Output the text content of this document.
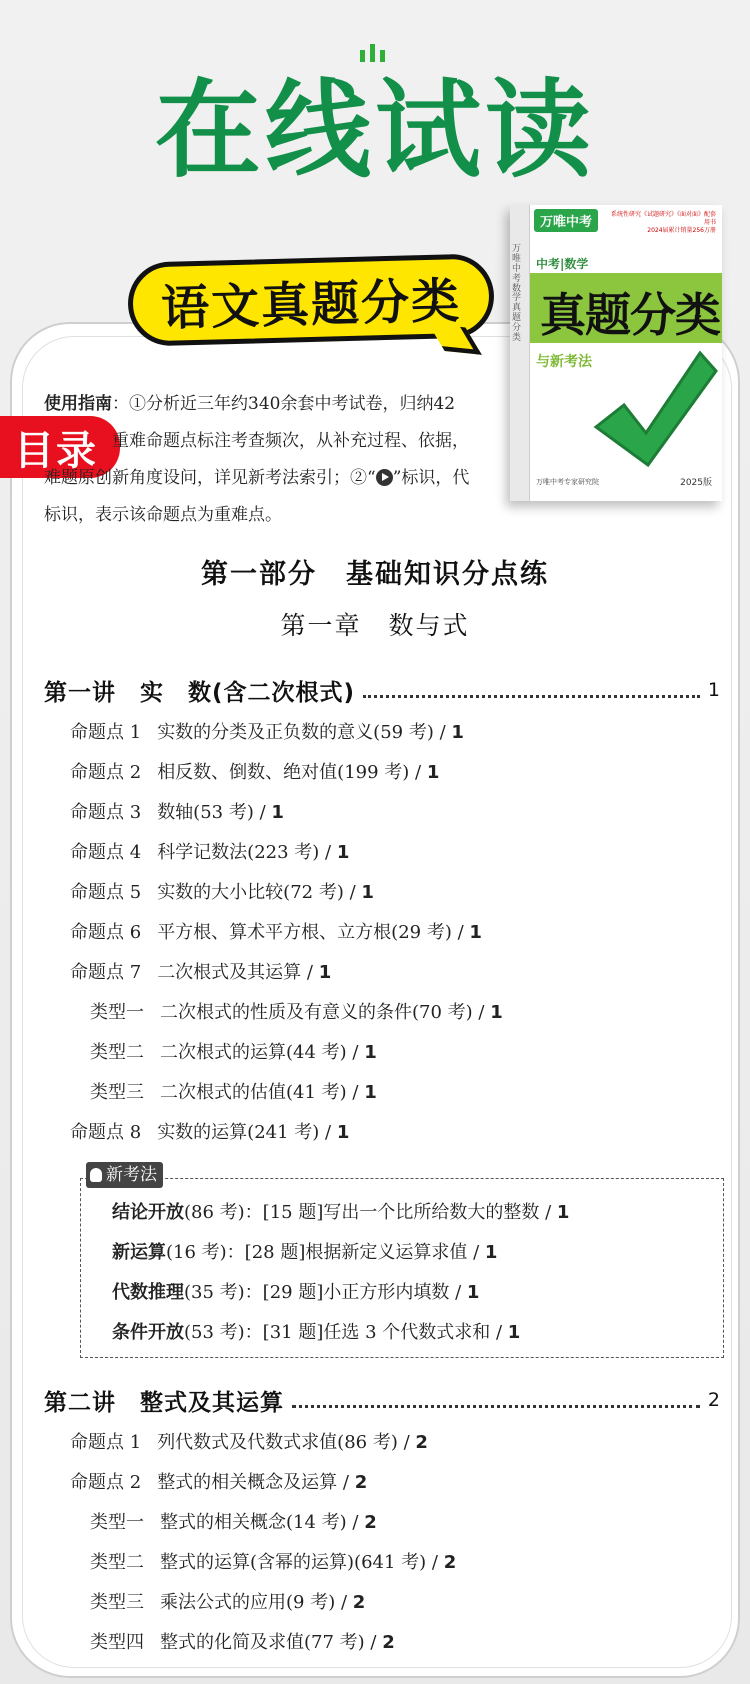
在线试读
语文真题分类
万唯中考 数学 真题分类
万唯中考
系统性研究《试题研究》《面对面》配套用书
2024届累计销量256万册
中考|数学
真题分类
与新考法
万唯中考专家研究院	2025版
目录
使用指南：①分析近三年约340余套中考试卷，归纳42
重难命题点标注考查频次，从补充过程、依据，
难题原创新角度设问，详见新考法索引；②“ ”标识，代
标识，表示该命题点为重难点。
第一部分　基础知识分点练
第一章　数与式
第一讲　实　数(含二次根式)	1
命题点 1 实数的分类及正负数的意义(59 考) / 1
命题点 2 相反数、倒数、绝对值(199 考) / 1
命题点 3 数轴(53 考) / 1
命题点 4 科学记数法(223 考) / 1
命题点 5 实数的大小比较(72 考) / 1
命题点 6 平方根、算术平方根、立方根(29 考) / 1
命题点 7 二次根式及其运算 / 1
类型一 二次根式的性质及有意义的条件(70 考) / 1
类型二 二次根式的运算(44 考) / 1
类型三 二次根式的估值(41 考) / 1
命题点 8 实数的运算(241 考) / 1
新考法
结论开放(86 考)：[15 题]写出一个比所给数大的整数 / 1
新运算(16 考)：[28 题]根据新定义运算求值 / 1
代数推理(35 考)：[29 题]小正方形内填数 / 1
条件开放(53 考)：[31 题]任选 3 个代数式求和 / 1
第二讲　整式及其运算	2
命题点 1 列代数式及代数式求值(86 考) / 2
命题点 2 整式的相关概念及运算 / 2
类型一 整式的相关概念(14 考) / 2
类型二 整式的运算(含幂的运算)(641 考) / 2
类型三 乘法公式的应用(9 考) / 2
类型四 整式的化简及求值(77 考) / 2
